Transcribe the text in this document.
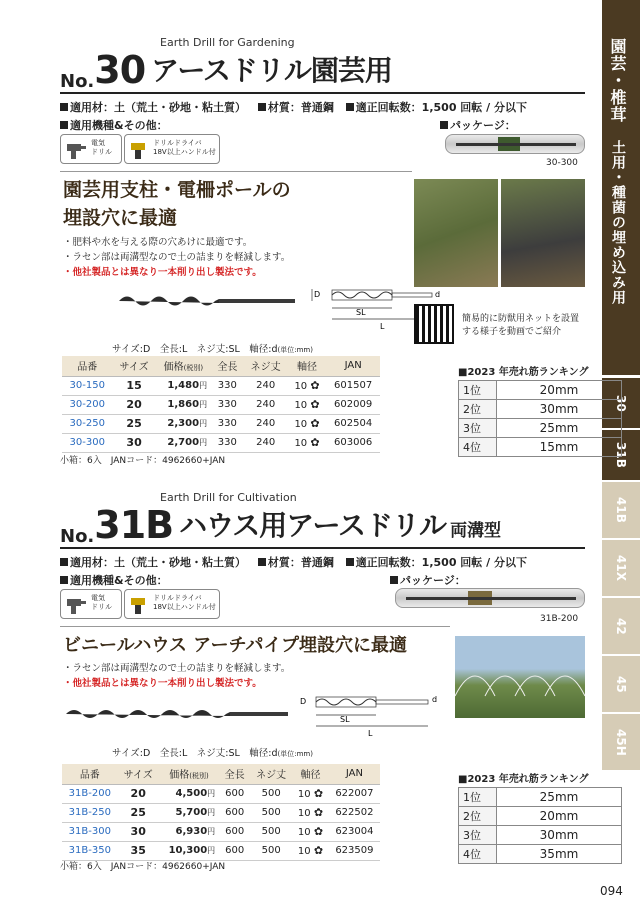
園芸・椎茸
土用・種菌の埋め込み用
30
31B
41B
41X
42
45
45H
Earth Drill for Gardening
No. 30 アースドリル園芸用
適用材：土（荒土・砂地・粘土質） 材質：普通鋼 適正回転数：1,500 回転 / 分以下
適用機種&その他：	パッケージ：
電気
ドリル
ドリルドライバ
18V以上ハンドル付
30-300
園芸用支柱・電柵ポールの
埋設穴に最適
・肥料や水を与える際の穴あけに最適です。
・ラセン部は両溝型なので土の詰まりを軽減します。
・他社製品とは異なり一本削り出し製法です。
D	d
SL
L
簡易的に防獣用ネットを設置
する様子を動画でご紹介
サイズ:D　全長:L　ネジ丈:SL　軸径:d(単位:mm)
品番	サイズ	価格(税別)	全長	ネジ丈	軸径	JAN
30-150	15	1,480円	330	240	10 ✿	601507
30-200	20	1,860円	330	240	10 ✿	602009
30-250	25	2,300円	330	240	10 ✿	602504
30-300	30	2,700円	330	240	10 ✿	603006
小箱：6入　JANコード：4962660+JAN
■2023 年売れ筋ランキング
1位	20mm
2位	30mm
3位	25mm
4位	15mm
Earth Drill for Cultivation
No. 31B ハウス用アースドリル 両溝型
適用材：土（荒土・砂地・粘土質） 材質：普通鋼 適正回転数：1,500 回転 / 分以下
適用機種&その他：	パッケージ：
電気
ドリル
ドリルドライバ
18V以上ハンドル付
31B-200
ビニールハウス アーチパイプ埋設穴に最適
・ラセン部は両溝型なので土の詰まりを軽減します。
・他社製品とは異なり一本削り出し製法です。
D	d
SL
L
サイズ:D　全長:L　ネジ丈:SL　軸径:d(単位:mm)
品番	サイズ	価格(税別)	全長	ネジ丈	軸径	JAN
31B-200	20	4,500円	600	500	10 ✿	622007
31B-250	25	5,700円	600	500	10 ✿	622502
31B-300	30	6,930円	600	500	10 ✿	623004
31B-350	35	10,300円	600	500	10 ✿	623509
小箱：6入　JANコード：4962660+JAN
■2023 年売れ筋ランキング
1位	25mm
2位	20mm
3位	30mm
4位	35mm
094
